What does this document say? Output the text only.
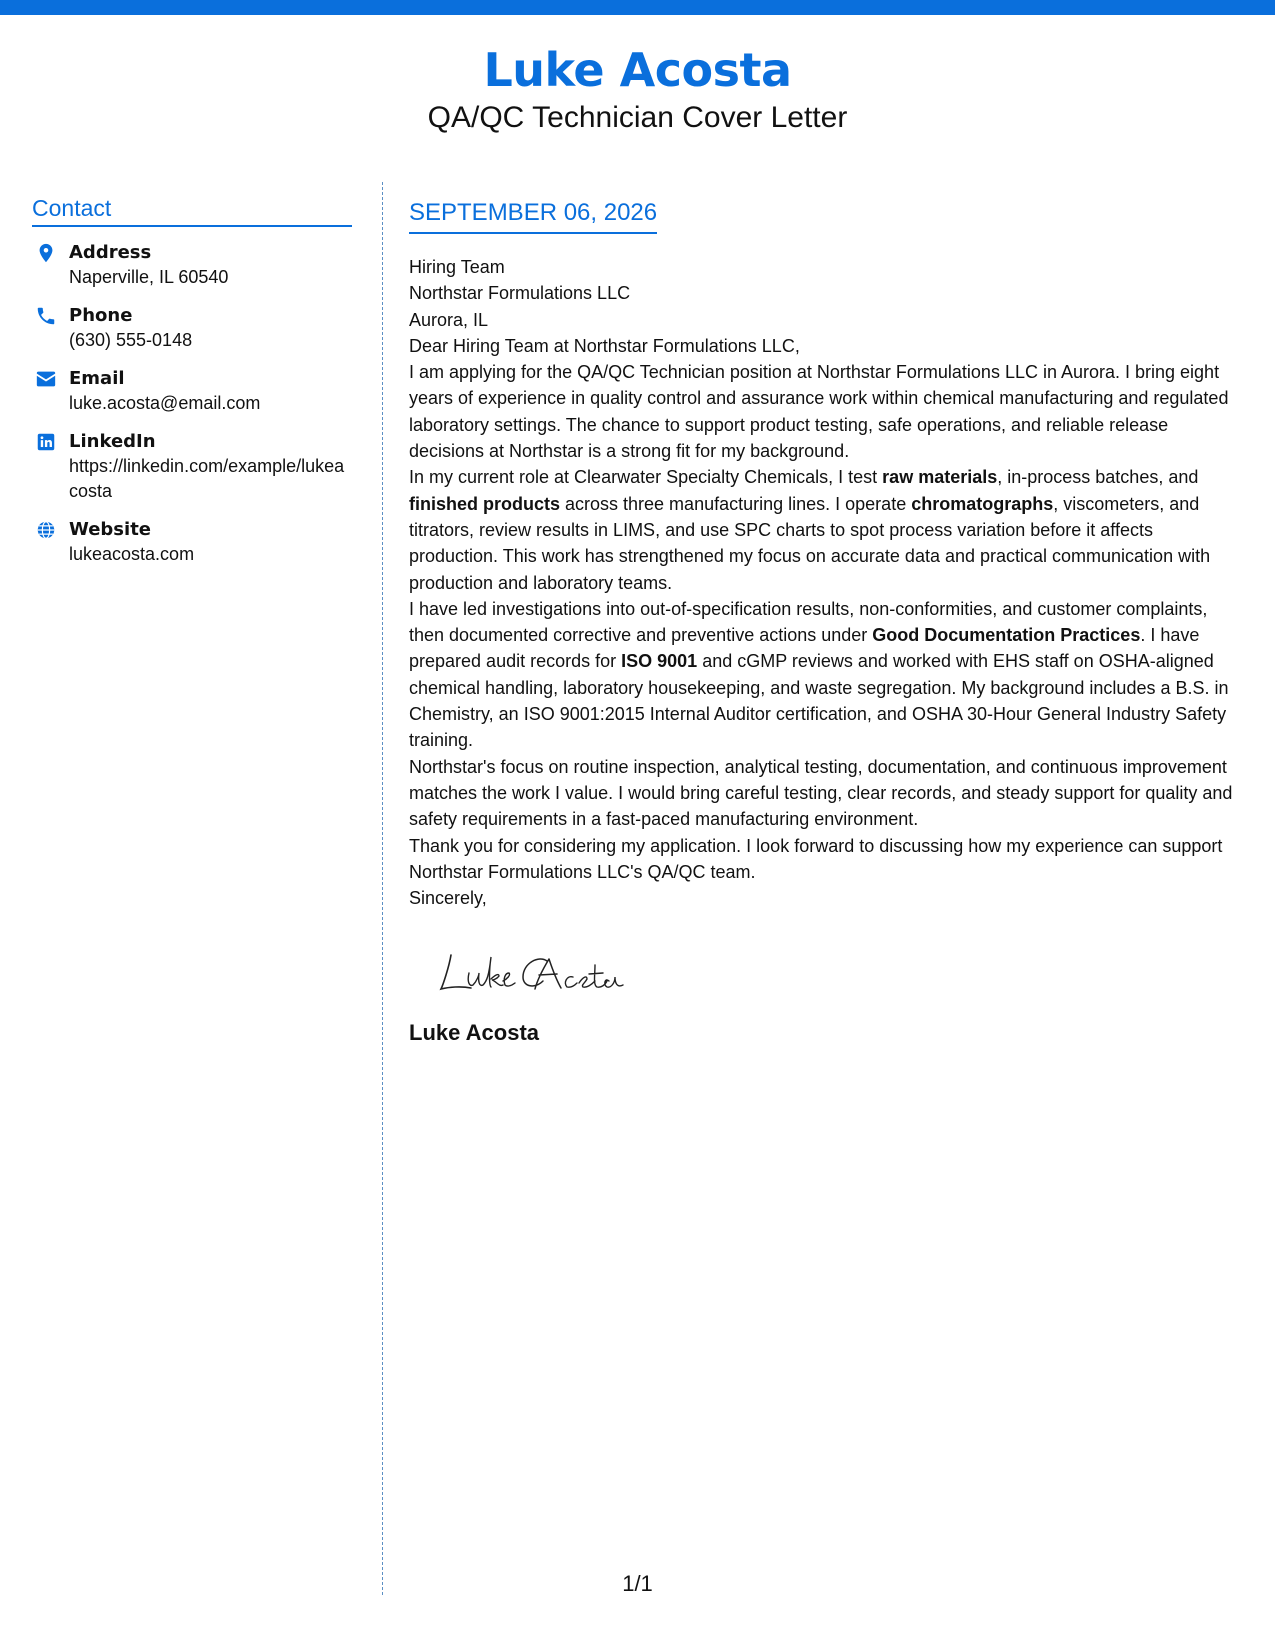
Luke Acosta
QA/QC Technician Cover Letter
Contact
Address
Naperville, IL 60540
Phone
(630) 555-0148
Email
luke.acosta@email.com
LinkedIn
https://linkedin.com/example/lukeacosta
Website
lukeacosta.com
SEPTEMBER 06, 2026

Hiring Team

Northstar Formulations LLC

Aurora, IL

Dear Hiring Team at Northstar Formulations LLC,

I am applying for the QA/QC Technician position at Northstar Formulations LLC in Aurora. I bring eight years of experience in quality control and assurance work within chemical manufacturing and regulated laboratory settings. The chance to support product testing, safe operations, and reliable release decisions at Northstar is a strong fit for my background.

In my current role at Clearwater Specialty Chemicals, I test raw materials, in-process batches, and finished products across three manufacturing lines. I operate chromatographs, viscometers, and titrators, review results in LIMS, and use SPC charts to spot process variation before it affects production. This work has strengthened my focus on accurate data and practical communication with production and laboratory teams.

I have led investigations into out-of-specification results, non-conformities, and customer complaints, then documented corrective and preventive actions under Good Documentation Practices. I have prepared audit records for ISO 9001 and cGMP reviews and worked with EHS staff on OSHA-aligned chemical handling, laboratory housekeeping, and waste segregation. My background includes a B.S. in Chemistry, an ISO 9001:2015 Internal Auditor certification, and OSHA 30-Hour General Industry Safety training.

Northstar's focus on routine inspection, analytical testing, documentation, and continuous improvement matches the work I value. I would bring careful testing, clear records, and steady support for quality and safety requirements in a fast-paced manufacturing environment.

Thank you for considering my application. I look forward to discussing how my experience can support Northstar Formulations LLC's QA/QC team.

Sincerely,

Luke Acosta
1/1
